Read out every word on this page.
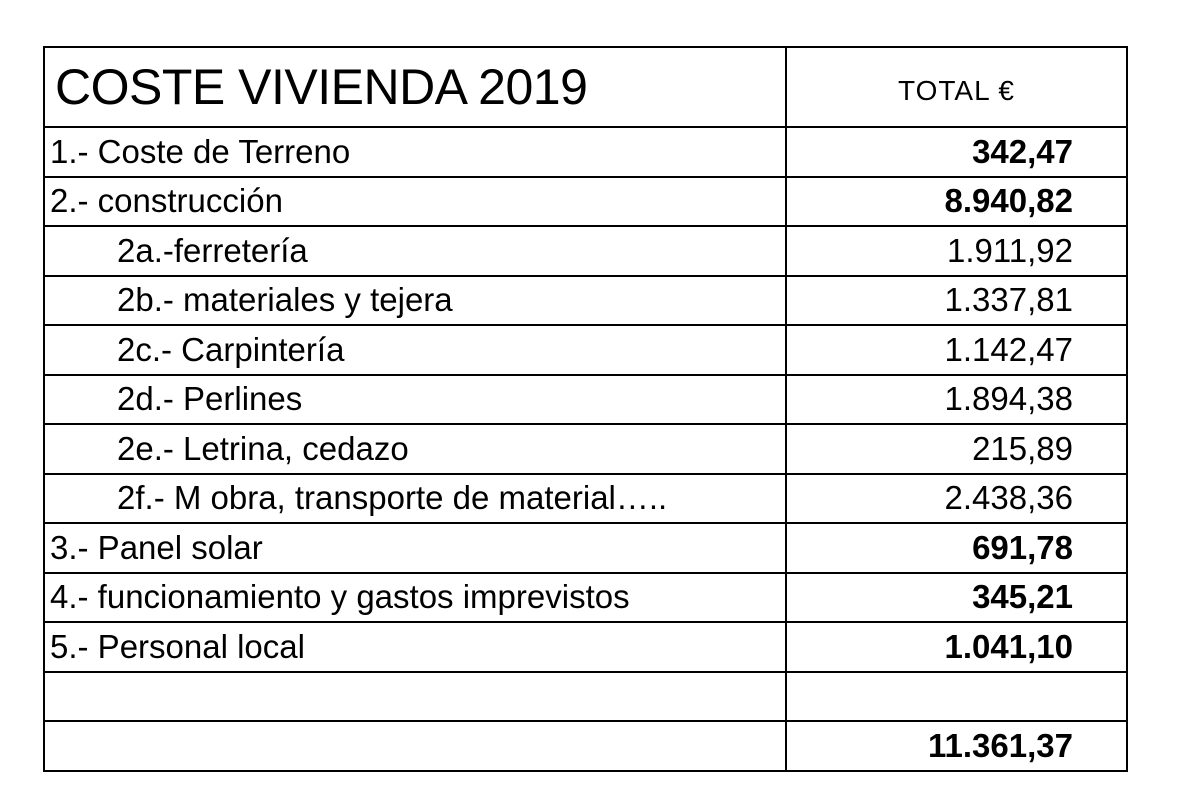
COSTE VIVIENDA 2019	TOTAL €
1.- Coste de Terreno	342,47
2.- construcción	8.940,82
2a.-ferretería	1.911,92
2b.- materiales y tejera	1.337,81
2c.- Carpintería	1.142,47
2d.- Perlines	1.894,38
2e.- Letrina, cedazo	215,89
2f.- M obra, transporte de material…..	2.438,36
3.- Panel solar	691,78
4.- funcionamiento y gastos imprevistos	345,21
5.- Personal local	1.041,10

	11.361,37
